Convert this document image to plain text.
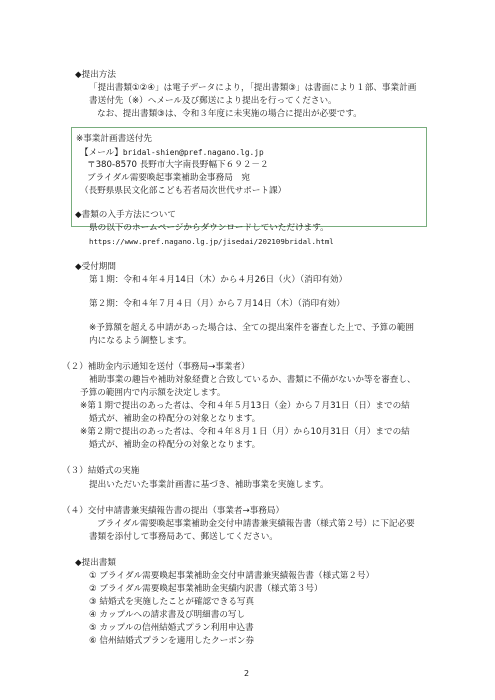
◆提出方法
「提出書類①②④」は電子データにより，「提出書類③」は書面により１部、事業計画
書送付先（※）へメール及び郵送により提出を行ってください。
なお、提出書類③は、令和３年度に未実施の場合に提出が必要です。
※事業計画書送付先
【メール】bridal-shien@pref.nagano.lg.jp
〒380-8570 長野市大字南長野幅下６９２－２
ブライダル需要喚起事業補助金事務局　宛
（長野県県民文化部こども若者局次世代サポート課）
◆書類の入手方法について
県の以下のホームページからダウンロードしていただけます。
https://www.pref.nagano.lg.jp/jisedai/202109bridal.html
◆受付期間
第１期：令和４年４月14日（木）から４月26日（火）（消印有効）
第２期：令和４年７月４日（月）から７月14日（木）（消印有効）
※予算額を超える申請があった場合は、全ての提出案件を審査した上で、予算の範囲
内になるよう調整します。
（２）補助金内示通知を送付（事務局→事業者）
補助事業の趣旨や補助対象経費と合致しているか、書類に不備がないか等を審査し、
予算の範囲内で内示額を決定します。
※第１期で提出のあった者は、令和４年５月13日（金）から７月31日（日）までの結
婚式が、補助金の枠配分の対象となります。
※第２期で提出のあった者は、令和４年８月１日（月）から10月31日（月）までの結
婚式が、補助金の枠配分の対象となります。
（３）結婚式の実施
提出いただいた事業計画書に基づき、補助事業を実施します。
（４）交付申請書兼実績報告書の提出（事業者→事務局）
ブライダル需要喚起事業補助金交付申請書兼実績報告書（様式第２号）に下記必要
書類を添付して事務局あて、郵送してください。
◆提出書類
① ブライダル需要喚起事業補助金交付申請書兼実績報告書（様式第２号）
② ブライダル需要喚起事業補助金実績内訳書（様式第３号）
③ 結婚式を実施したことが確認できる写真
④ カップルへの請求書及び明細書の写し
⑤ カップルの信州結婚式プラン利用申込書
⑥ 信州結婚式プランを適用したクーポン券
2
